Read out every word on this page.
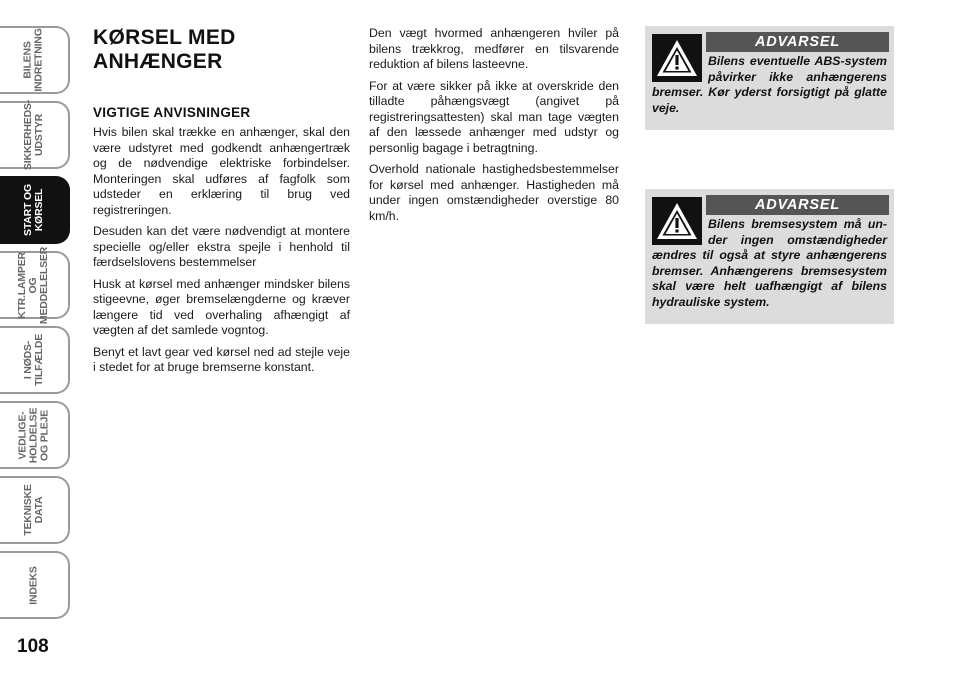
BILENS
INDRETNING
SIKKERHEDS-
UDSTYR
START OG
KØRSEL
KTR.LAMPER
OG
MEDDELELSER
I NØDS-
TILFÆLDE
VEDLIGE-
HOLDELSE
OG PLEJE
TEKNISKE
DATA
INDEKS
108
KØRSEL MED
ANHÆNGER
VIGTIGE ANVISNINGER

Hvis bilen skal trække en anhænger, skal den være udstyret med godkendt anhængertræk og de nødvendige elektriske forbindelser. Monteringen skal udføres af fagfolk som udsteder en erklæring til brug ved registreringen.

Desuden kan det være nødvendigt at montere specielle og/eller ekstra spejle i henhold til færdselslovens bestemmelser

Husk at kørsel med anhænger mindsker bilens stigeevne, øger bremselængderne og kræver længere tid ved overhaling afhængigt af vægten af det samlede vogntog.

Benyt et lavt gear ved kørsel ned ad stejle veje i stedet for at bruge bremserne konstant.

Den vægt hvormed anhængeren hviler på bilens trækkrog, medfører en tilsvarende reduktion af bilens lasteevne.

For at være sikker på ikke at overskride den tilladte påhængsvægt (angivet på registreringsattesten) skal man tage vægten af den læssede anhænger med udstyr og personlig bagage i betragtning.

Overhold nationale hastighedsbestemmelser for kørsel med anhænger. Hastigheden må under ingen omstændigheder overstige 80 km/h.

ADVARSEL
Bilens eventuelle ABS-system påvirker ikke anhængerens bremser. Kør yderst forsigtigt på glatte veje.
ADVARSEL
Bilens bremsesystem må under ingen omstændigheder ændres til også at styre anhængerens bremser. Anhængerens bremsesystem skal være helt uafhængigt af bilens hydrauliske system.
